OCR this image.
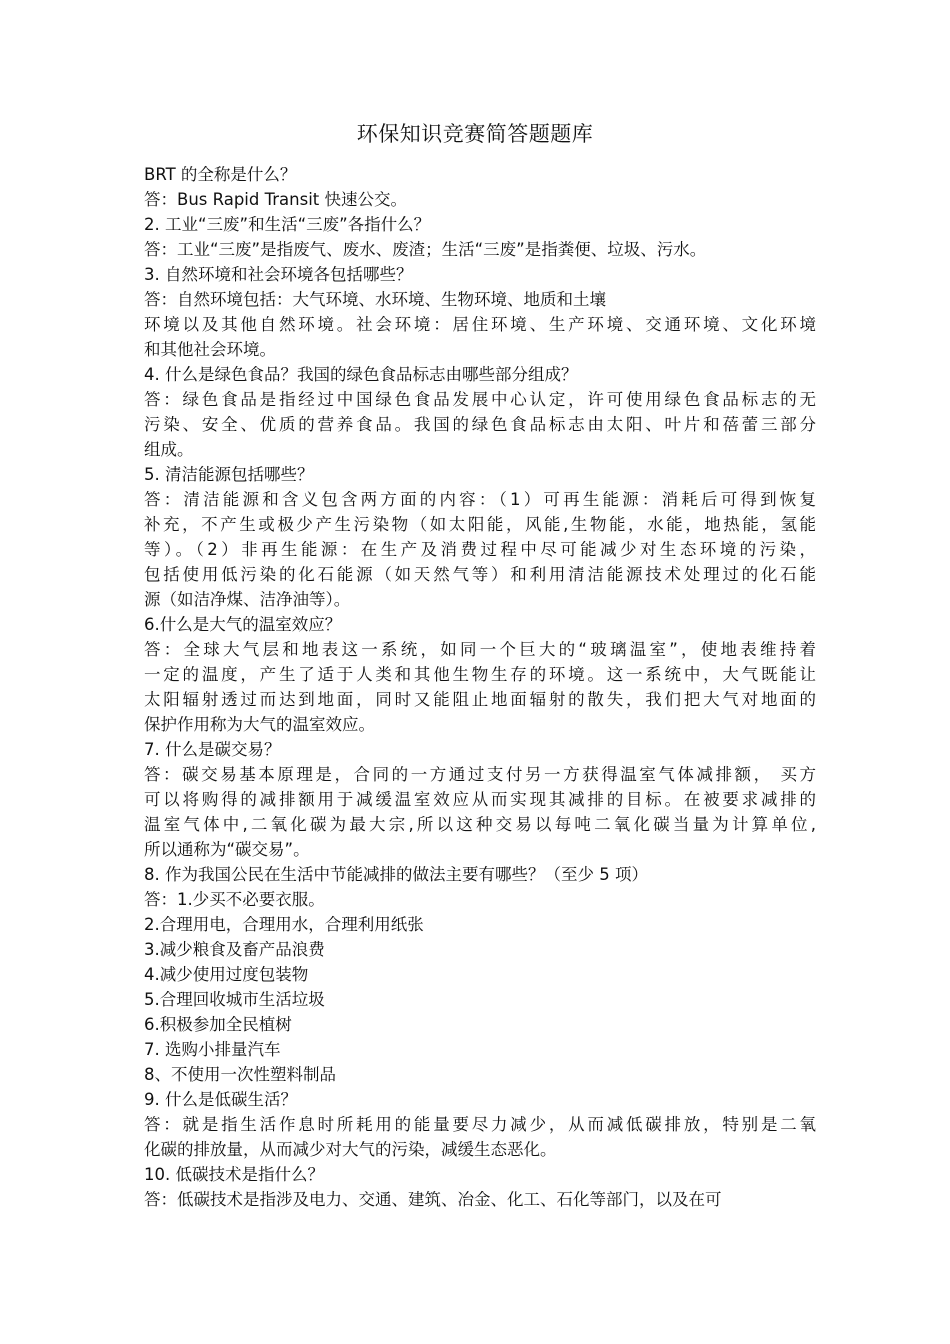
环保知识竞赛简答题题库
BRT 的全称是什么？
答：Bus Rapid Transit 快速公交。
2. 工业“三废”和生活“三废”各指什么？
答：工业“三废”是指废气、废水、废渣；生活“三废”是指粪便、垃圾、污水。
3. 自然环境和社会环境各包括哪些？
答：自然环境包括：大气环境、水环境、生物环境、地质和土壤
环境以及其他自然环境。社会环境：居住环境、生产环境、交通环境、文化环境
和其他社会环境。
4. 什么是绿色食品？我国的绿色食品标志由哪些部分组成？
答：绿色食品是指经过中国绿色食品发展中心认定，许可使用绿色食品标志的无
污染、安全、优质的营养食品。我国的绿色食品标志由太阳、叶片和蓓蕾三部分
组成。
5. 清洁能源包括哪些？
答：清洁能源和含义包含两方面的内容：（1）可再生能源：消耗后可得到恢复
补充，不产生或极少产生污染物（如太阳能，风能,生物能，水能，地热能，氢能
等）。（2）非再生能源：在生产及消费过程中尽可能减少对生态环境的污染，
包括使用低污染的化石能源（如天然气等）和利用清洁能源技术处理过的化石能
源（如洁净煤、洁净油等）。
6.什么是大气的温室效应？
答：全球大气层和地表这一系统，如同一个巨大的“玻璃温室”，使地表维持着
一定的温度，产生了适于人类和其他生物生存的环境。这一系统中，大气既能让
太阳辐射透过而达到地面，同时又能阻止地面辐射的散失，我们把大气对地面的
保护作用称为大气的温室效应。
7. 什么是碳交易？
答：碳交易基本原理是，合同的一方通过支付另一方获得温室气体减排额， 买方
可以将购得的减排额用于减缓温室效应从而实现其减排的目标。在被要求减排的
温室气体中,二氧化碳为最大宗,所以这种交易以每吨二氧化碳当量为计算单位,
所以通称为“碳交易”。
8. 作为我国公民在生活中节能减排的做法主要有哪些？（至少 5 项）
答：1.少买不必要衣服。
2.合理用电，合理用水，合理利用纸张
3.减少粮食及畜产品浪费
4.减少使用过度包装物
5.合理回收城市生活垃圾
6.积极参加全民植树
7. 选购小排量汽车
8、不使用一次性塑料制品
9. 什么是低碳生活？
答：就是指生活作息时所耗用的能量要尽力减少，从而减低碳排放，特别是二氧
化碳的排放量，从而减少对大气的污染，减缓生态恶化。
10. 低碳技术是指什么？
答：低碳技术是指涉及电力、交通、建筑、冶金、化工、石化等部门，以及在可
